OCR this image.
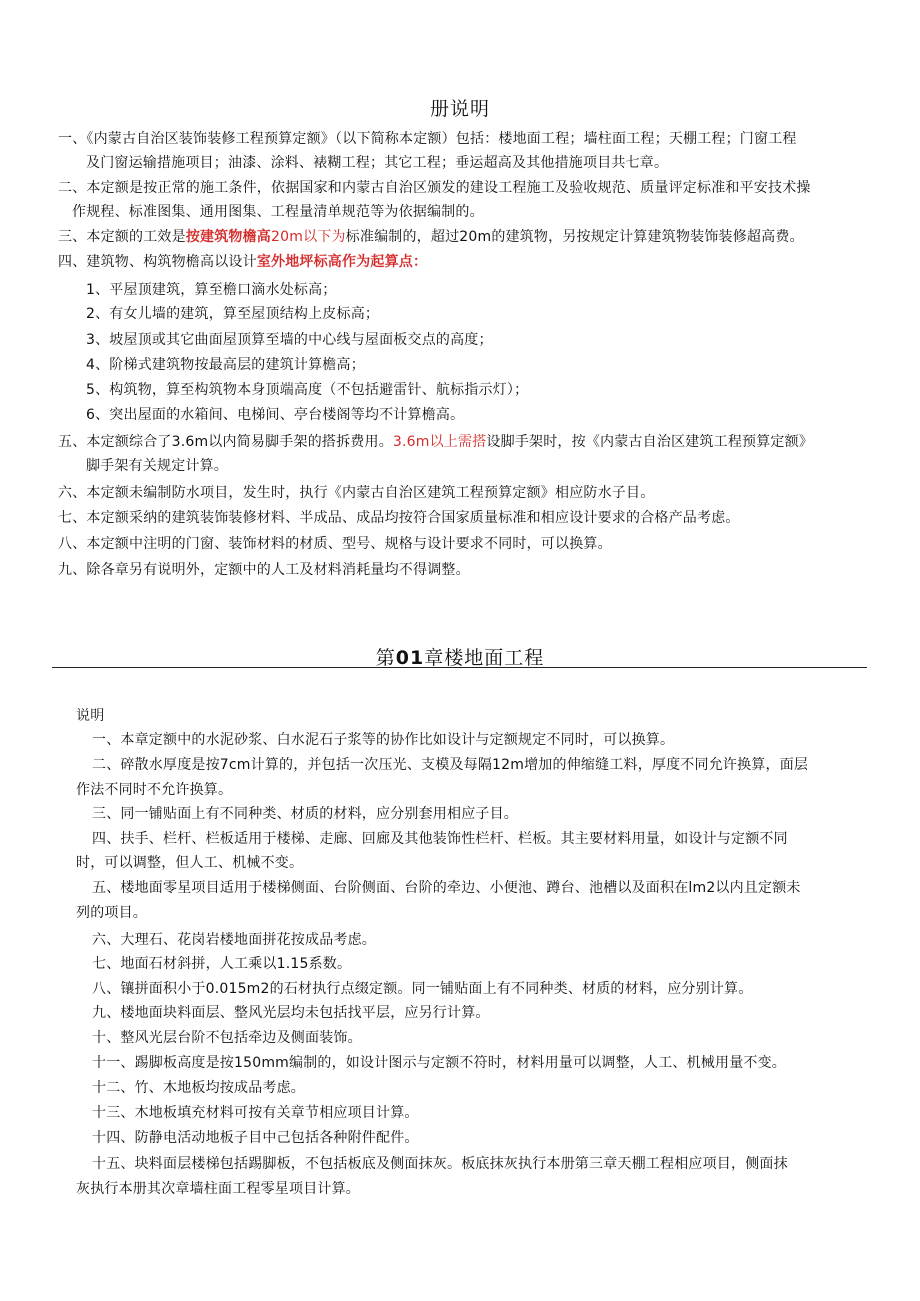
册说明
一、《内蒙古自治区装饰装修工程预算定额》（以下简称本定额）包括：楼地面工程；墙柱面工程；天棚工程；门窗工程
及门窗运输措施项目；油漆、涂料、裱糊工程；其它工程；垂运超高及其他措施项目共七章。
二、本定额是按正常的施工条件，依据国家和内蒙古自治区颁发的建设工程施工及验收规范、质量评定标准和平安技术操
作规程、标准图集、通用图集、工程量清单规范等为依据编制的。
三、本定额的工效是按建筑物檐高20m以下为标准编制的，超过20m的建筑物，另按规定计算建筑物装饰装修超高费。
四、建筑物、构筑物檐高以设计室外地坪标高作为起算点：
1、平屋顶建筑，算至檐口滴水处标高；
2、有女儿墙的建筑，算至屋顶结构上皮标高；
3、坡屋顶或其它曲面屋顶算至墙的中心线与屋面板交点的高度；
4、阶梯式建筑物按最高层的建筑计算檐高；
5、构筑物，算至构筑物本身顶端高度（不包括避雷针、航标指示灯）；
6、突出屋面的水箱间、电梯间、亭台楼阁等均不计算檐高。
五、本定额综合了3.6m以内简易脚手架的搭拆费用。3.6m以上需搭设脚手架时，按《内蒙古自治区建筑工程预算定额》
脚手架有关规定计算。
六、本定额未编制防水项目，发生时，执行《内蒙古自治区建筑工程预算定额》相应防水子目。
七、本定额采纳的建筑装饰装修材料、半成品、成品均按符合国家质量标准和相应设计要求的合格产品考虑。
八、本定额中注明的门窗、装饰材料的材质、型号、规格与设计要求不同时，可以换算。
九、除各章另有说明外，定额中的人工及材料消耗量均不得调整。
第01章楼地面工程
说明
一、本章定额中的水泥砂浆、白水泥石子浆等的协作比如设计与定额规定不同时，可以换算。
二、碎散水厚度是按7cm计算的，并包括一次压光、支模及每隔12m增加的伸缩缝工料，厚度不同允许换算，面层
作法不同时不允许换算。
三、同一铺贴面上有不同种类、材质的材料，应分别套用相应子目。
四、扶手、栏杆、栏板适用于楼梯、走廊、回廊及其他装饰性栏杆、栏板。其主要材料用量，如设计与定额不同
时，可以调整，但人工、机械不变。
五、楼地面零星项目适用于楼梯侧面、台阶侧面、台阶的牵边、小便池、蹲台、池槽以及面积在lm2以内且定额未
列的项目。
六、大理石、花岗岩楼地面拼花按成品考虑。
七、地面石材斜拼，人工乘以1.15系数。
八、镶拼面积小于0.015m2的石材执行点缀定额。同一铺贴面上有不同种类、材质的材料，应分别计算。
九、楼地面块料面层、整风光层均未包括找平层，应另行计算。
十、整风光层台阶不包括牵边及侧面装饰。
十一、踢脚板高度是按150mm编制的，如设计图示与定额不符时，材料用量可以调整，人工、机械用量不变。
十二、竹、木地板均按成品考虑。
十三、木地板填充材料可按有关章节相应项目计算。
十四、防静电活动地板子目中己包括各种附件配件。
十五、块料面层楼梯包括踢脚板，不包括板底及侧面抹灰。板底抹灰执行本册第三章天棚工程相应项目，侧面抹
灰执行本册其次章墙柱面工程零星项目计算。
